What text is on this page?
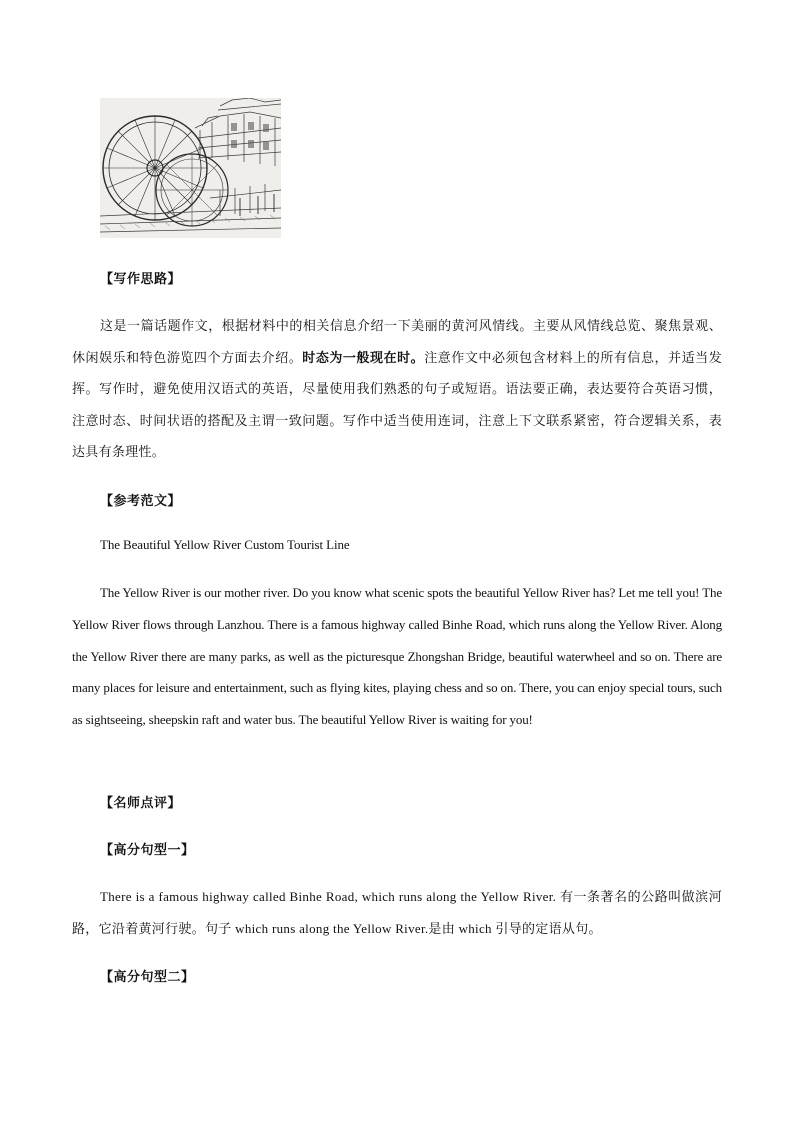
【写作思路】
这是一篇话题作文，根据材料中的相关信息介绍一下美丽的黄河风情线。主要从风情线总览、聚焦景观、休闲娱乐和特色游览四个方面去介绍。时态为一般现在时。注意作文中必须包含材料上的所有信息，并适当发挥。写作时，避免使用汉语式的英语，尽量使用我们熟悉的句子或短语。语法要正确，表达要符合英语习惯，注意时态、时间状语的搭配及主谓一致问题。写作中适当使用连词，注意上下文联系紧密，符合逻辑关系，表达具有条理性。
【参考范文】
The Beautiful Yellow River Custom Tourist Line
The Yellow River is our mother river. Do you know what scenic spots the beautiful Yellow River has? Let me tell you! The Yellow River flows through Lanzhou. There is a famous highway called Binhe Road, which runs along the Yellow River. Along the Yellow River there are many parks, as well as the picturesque Zhongshan Bridge, beautiful waterwheel and so on. There are many places for leisure and entertainment, such as flying kites, playing chess and so on. There, you can enjoy special tours, such as sightseeing, sheepskin raft and water bus. The beautiful Yellow River is waiting for you!
【名师点评】
【高分句型一】
There is a famous highway called Binhe Road, which runs along the Yellow River. 有一条著名的公路叫做滨河路，它沿着黄河行驶。句子 which runs along the Yellow River.是由 which 引导的定语从句。
【高分句型二】
